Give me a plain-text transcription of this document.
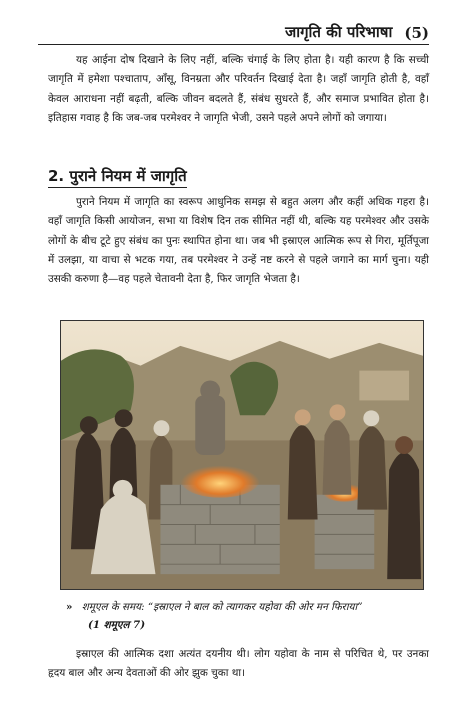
जागृति की परिभाषा (5)

यह आईना दोष दिखाने के लिए नहीं, बल्कि चंगाई के लिए होता है। यही कारण है कि सच्ची जागृति में हमेशा पश्चाताप, आँसू, विनम्रता और परिवर्तन दिखाई देता है। जहाँ जागृति होती है, वहाँ केवल आराधना नहीं बढ़ती, बल्कि जीवन बदलते हैं, संबंध सुधरते हैं, और समाज प्रभावित होता है। इतिहास गवाह है कि जब-जब परमेश्वर ने जागृति भेजी, उसने पहले अपने लोगों को जगाया।

2. पुराने नियम में जागृति

पुराने नियम में जागृति का स्वरूप आधुनिक समझ से बहुत अलग और कहीं अधिक गहरा है। वहाँ जागृति किसी आयोजन, सभा या विशेष दिन तक सीमित नहीं थी, बल्कि यह परमेश्वर और उसके लोगों के बीच टूटे हुए संबंध का पुनः स्थापित होना था। जब भी इस्राएल आत्मिक रूप से गिरा, मूर्तिपूजा में उलझा, या वाचा से भटक गया, तब परमेश्वर ने उन्हें नष्ट करने से पहले जगाने का मार्ग चुना। यही उसकी करुणा है—वह पहले चेतावनी देता है, फिर जागृति भेजता है।

» शमूएल के समय: “इस्राएल ने बाल को त्यागकर यहोवा की ओर मन फिराया”
(1 शमूएल 7)

इस्राएल की आत्मिक दशा अत्यंत दयनीय थी। लोग यहोवा के नाम से परिचित थे, पर उनका हृदय बाल और अन्य देवताओं की ओर झुक चुका था।
